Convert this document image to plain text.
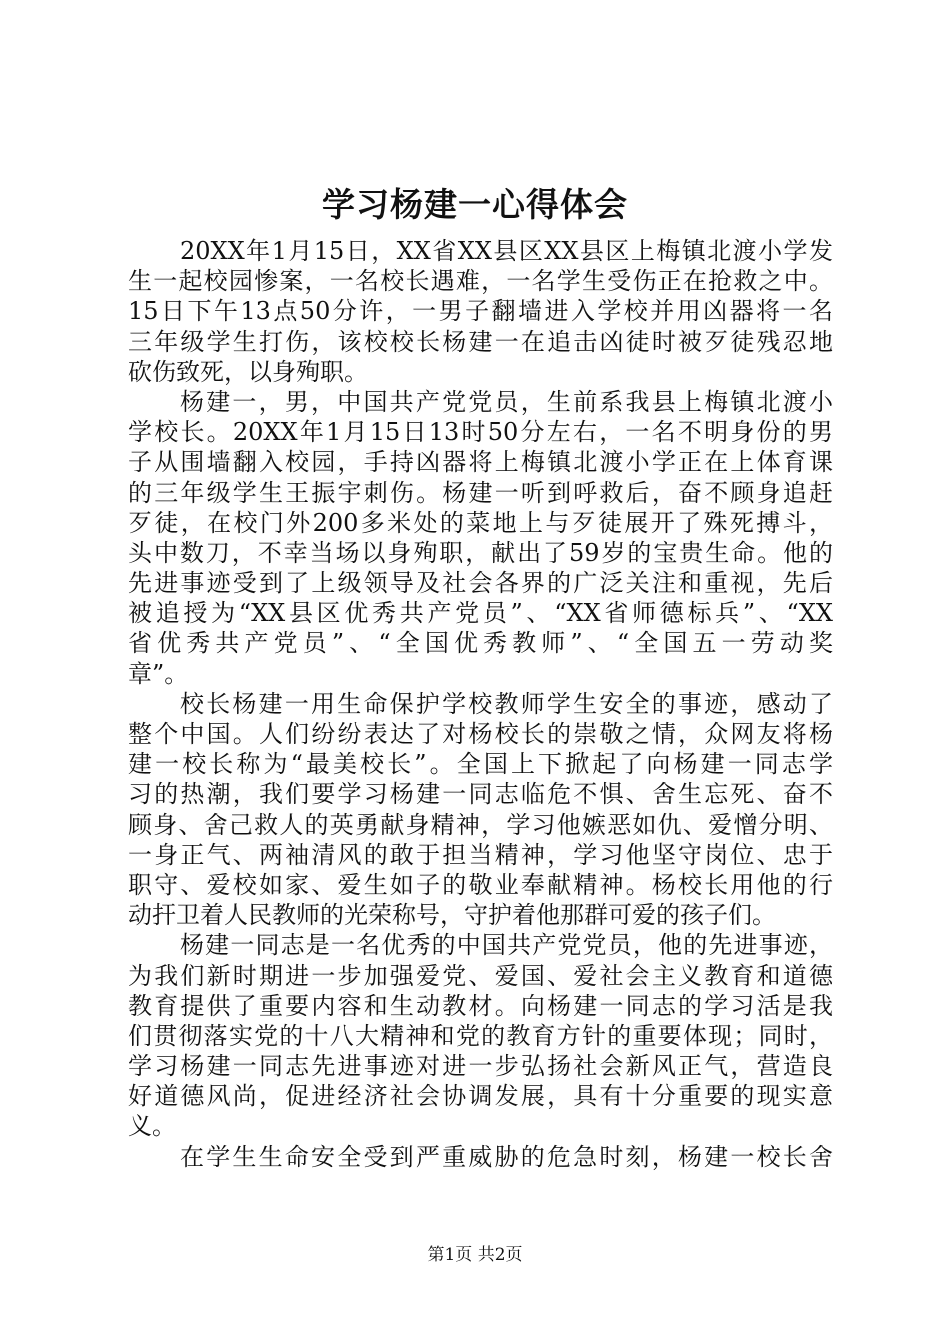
学习杨建一心得体会
20XX年1月15日，XX省XX县区XX县区上梅镇北渡小学发
生一起校园惨案，一名校长遇难，一名学生受伤正在抢救之中。
15日下午13点50分许，一男子翻墙进入学校并用凶器将一名
三年级学生打伤，该校校长杨建一在追击凶徒时被歹徒残忍地
砍伤致死，以身殉职。
杨建一，男，中国共产党党员，生前系我县上梅镇北渡小
学校长。20XX年1月15日13时50分左右，一名不明身份的男
子从围墙翻入校园，手持凶器将上梅镇北渡小学正在上体育课
的三年级学生王振宇刺伤。杨建一听到呼救后，奋不顾身追赶
歹徒，在校门外200多米处的菜地上与歹徒展开了殊死搏斗，
头中数刀，不幸当场以身殉职，献出了59岁的宝贵生命。他的
先进事迹受到了上级领导及社会各界的广泛关注和重视，先后
被追授为“XX县区优秀共产党员”、“XX省师德标兵”、“XX
省优秀共产党员”、“全国优秀教师”、“全国五一劳动奖
章”。
校长杨建一用生命保护学校教师学生安全的事迹，感动了
整个中国。人们纷纷表达了对杨校长的崇敬之情，众网友将杨
建一校长称为“最美校长”。全国上下掀起了向杨建一同志学
习的热潮，我们要学习杨建一同志临危不惧、舍生忘死、奋不
顾身、舍己救人的英勇献身精神，学习他嫉恶如仇、爱憎分明、
一身正气、两袖清风的敢于担当精神，学习他坚守岗位、忠于
职守、爱校如家、爱生如子的敬业奉献精神。杨校长用他的行
动扞卫着人民教师的光荣称号，守护着他那群可爱的孩子们。
杨建一同志是一名优秀的中国共产党党员，他的先进事迹，
为我们新时期进一步加强爱党、爱国、爱社会主义教育和道德
教育提供了重要内容和生动教材。向杨建一同志的学习活是我
们贯彻落实党的十八大精神和党的教育方针的重要体现；同时，
学习杨建一同志先进事迹对进一步弘扬社会新风正气，营造良
好道德风尚，促进经济社会协调发展，具有十分重要的现实意
义。
在学生生命安全受到严重威胁的危急时刻，杨建一校长舍
第1页 共2页
